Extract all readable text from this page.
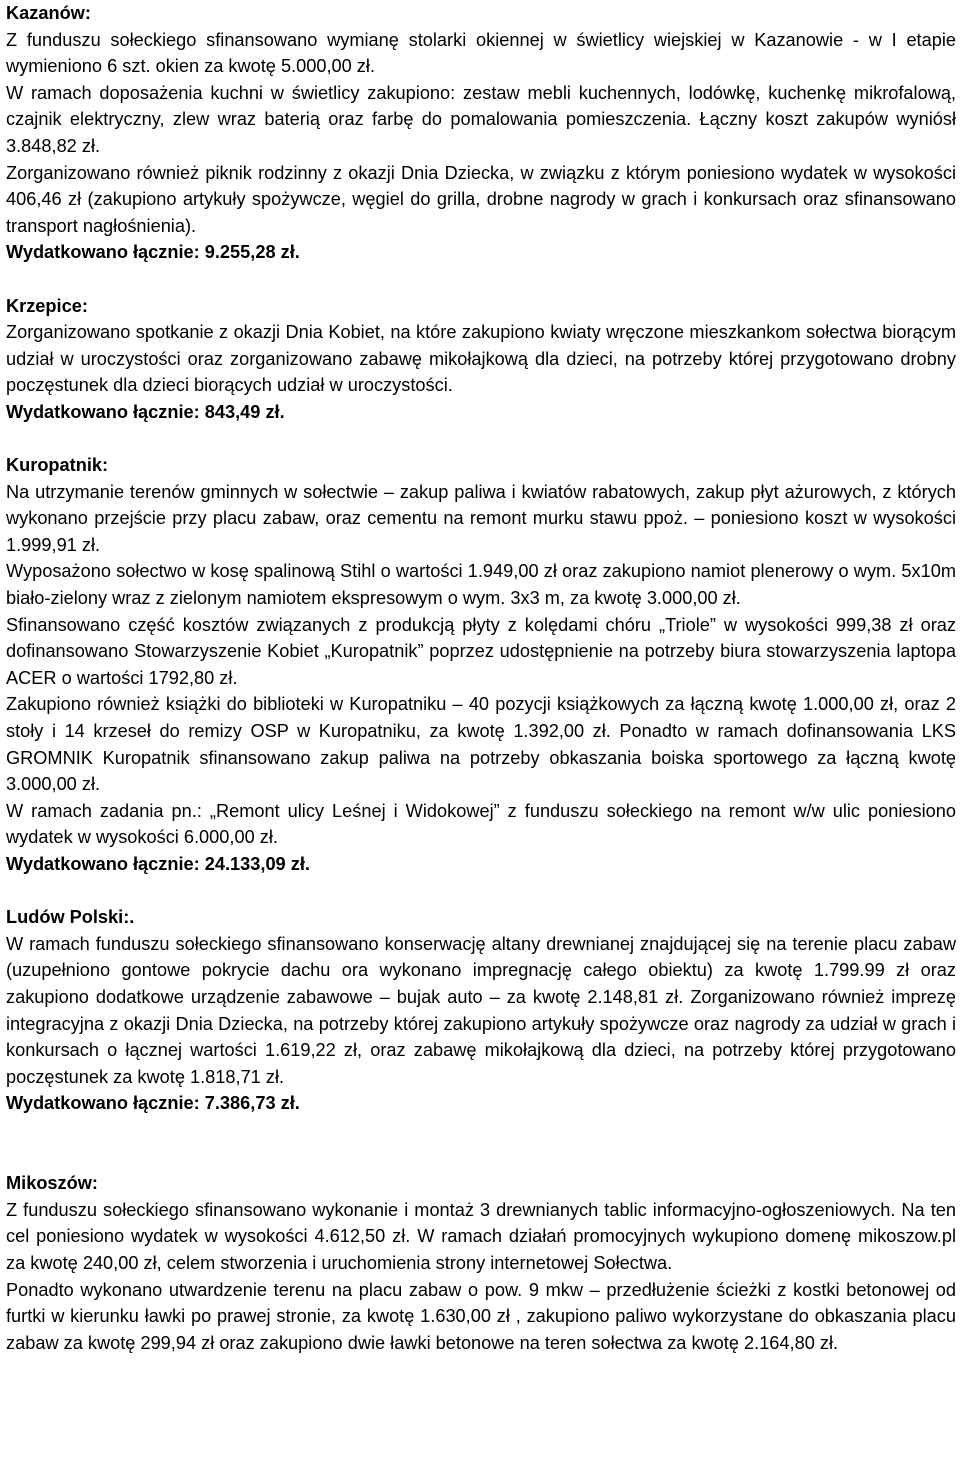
Kazanów:

Z funduszu sołeckiego sfinansowano wymianę stolarki okiennej w świetlicy wiejskiej w Kazanowie - w I etapie wymieniono 6 szt. okien za kwotę 5.000,00 zł.

W ramach doposażenia kuchni w świetlicy zakupiono: zestaw mebli kuchennych, lodówkę, kuchenkę mikrofalową, czajnik elektryczny, zlew wraz baterią oraz farbę do pomalowania pomieszczenia. Łączny koszt zakupów wyniósł 3.848,82 zł.

Zorganizowano również piknik rodzinny z okazji Dnia Dziecka, w związku z którym poniesiono wydatek w wysokości 406,46 zł (zakupiono artykuły spożywcze, węgiel do grilla, drobne nagrody w grach i konkursach oraz sfinansowano transport nagłośnienia).

Wydatkowano łącznie: 9.255,28 zł.

Krzepice:

Zorganizowano spotkanie z okazji Dnia Kobiet, na które zakupiono kwiaty wręczone mieszkankom sołectwa biorącym udział w uroczystości oraz zorganizowano zabawę mikołajkową dla dzieci, na potrzeby której przygotowano drobny poczęstunek dla dzieci biorących udział w uroczystości.

Wydatkowano łącznie: 843,49 zł.

Kuropatnik:

Na utrzymanie terenów gminnych w sołectwie – zakup paliwa i kwiatów rabatowych, zakup płyt ażurowych, z których wykonano przejście przy placu zabaw, oraz cementu na remont murku stawu ppoż. – poniesiono koszt w wysokości 1.999,91 zł.

Wyposażono sołectwo w kosę spalinową Stihl o wartości 1.949,00 zł oraz zakupiono namiot plenerowy o wym. 5x10m biało-zielony wraz z zielonym namiotem ekspresowym o wym. 3x3 m, za kwotę 3.000,00 zł.

Sfinansowano część kosztów związanych z produkcją płyty z kolędami chóru „Triole” w wysokości 999,38 zł oraz dofinansowano Stowarzyszenie Kobiet „Kuropatnik” poprzez udostępnienie na potrzeby biura stowarzyszenia laptopa ACER o wartości 1792,80 zł.

Zakupiono również książki do biblioteki w Kuropatniku – 40 pozycji książkowych za łączną kwotę 1.000,00 zł, oraz 2 stoły i 14 krzeseł do remizy OSP w Kuropatniku, za kwotę 1.392,00 zł. Ponadto w ramach dofinansowania LKS GROMNIK Kuropatnik sfinansowano zakup paliwa na potrzeby obkaszania boiska sportowego za łączną kwotę 3.000,00 zł.

W ramach zadania pn.: „Remont ulicy Leśnej i Widokowej” z funduszu sołeckiego na remont w/w ulic poniesiono wydatek w wysokości 6.000,00 zł.

Wydatkowano łącznie: 24.133,09 zł.

Ludów Polski:.

W ramach funduszu sołeckiego sfinansowano konserwację altany drewnianej znajdującej się na terenie placu zabaw (uzupełniono gontowe pokrycie dachu ora wykonano impregnację całego obiektu) za kwotę 1.799.99 zł oraz zakupiono dodatkowe urządzenie zabawowe – bujak auto – za kwotę 2.148,81 zł. Zorganizowano również imprezę integracyjna z okazji Dnia Dziecka, na potrzeby której zakupiono artykuły spożywcze oraz nagrody za udział w grach i konkursach o łącznej wartości 1.619,22 zł, oraz zabawę mikołajkową dla dzieci, na potrzeby której przygotowano poczęstunek za kwotę 1.818,71 zł.

Wydatkowano łącznie: 7.386,73 zł.

Mikoszów:

Z funduszu sołeckiego sfinansowano wykonanie i montaż 3 drewnianych tablic informacyjno-ogłoszeniowych. Na ten cel poniesiono wydatek w wysokości 4.612,50 zł. W ramach działań promocyjnych wykupiono domenę mikoszow.pl za kwotę 240,00 zł, celem stworzenia i uruchomienia strony internetowej Sołectwa.

Ponadto wykonano utwardzenie terenu na placu zabaw o pow. 9 mkw – przedłużenie ścieżki z kostki betonowej od furtki w kierunku ławki po prawej stronie, za kwotę 1.630,00 zł , zakupiono paliwo wykorzystane do obkaszania placu zabaw za kwotę 299,94 zł oraz zakupiono dwie ławki betonowe na teren sołectwa za kwotę 2.164,80 zł.
